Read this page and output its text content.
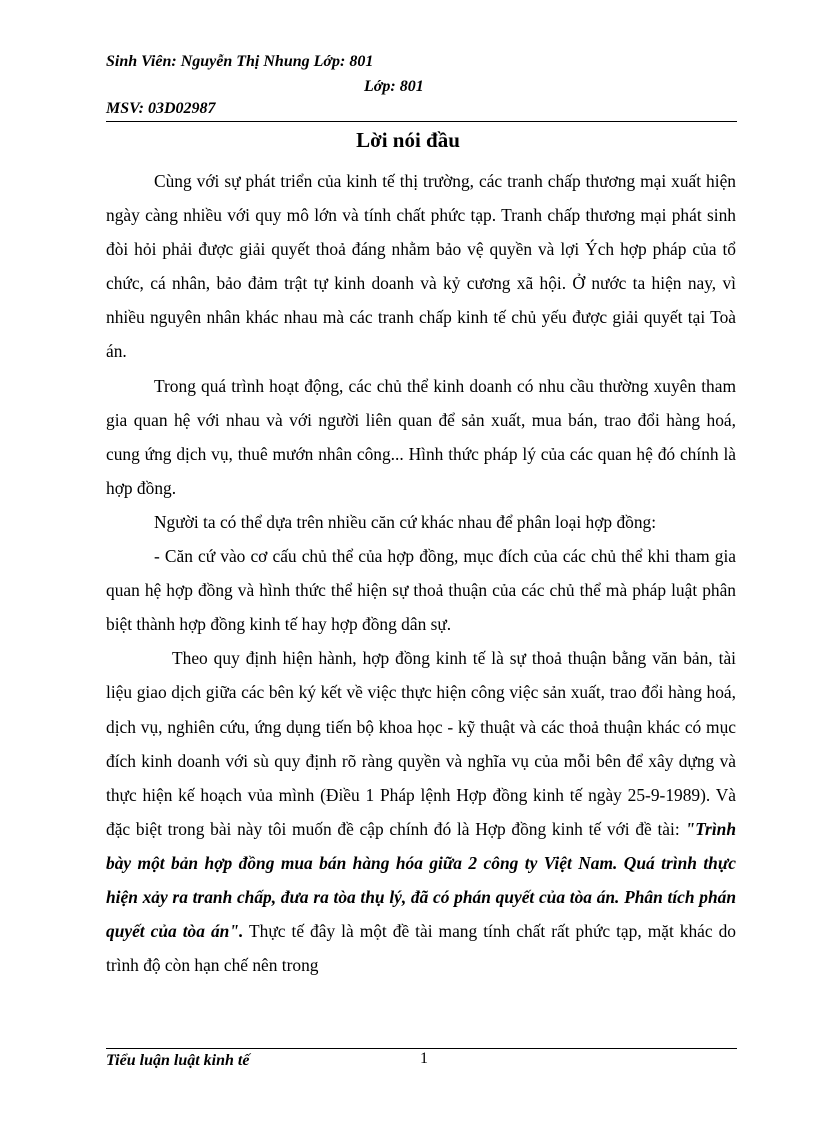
Sinh Viên: Nguyễn Thị Nhung Lớp: 801
Lớp: 801
MSV: 03D02987
Lời nói đầu

Cùng với sự phát triển của kinh tế thị trường, các tranh chấp thương mại xuất hiện ngày càng nhiều với quy mô lớn và tính chất phức tạp. Tranh chấp thương mại phát sinh đòi hỏi phải được giải quyết thoả đáng nhằm bảo vệ quyền và lợi Ých hợp pháp của tổ chức, cá nhân, bảo đảm trật tự kinh doanh và kỷ cương xã hội. Ở nước ta hiện nay, vì nhiều nguyên nhân khác nhau mà các tranh chấp kinh tế chủ yếu được giải quyết tại Toà án.

Trong quá trình hoạt động, các chủ thể kinh doanh có nhu cầu thường xuyên tham gia quan hệ với nhau và với người liên quan để sản xuất, mua bán, trao đổi hàng hoá, cung ứng dịch vụ, thuê mướn nhân công... Hình thức pháp lý của các quan hệ đó chính là hợp đồng.

Người ta có thể dựa trên nhiều căn cứ khác nhau để phân loại hợp đồng:

- Căn cứ vào cơ cấu chủ thể của hợp đồng, mục đích của các chủ thể khi tham gia quan hệ hợp đồng và hình thức thể hiện sự thoả thuận của các chủ thể mà pháp luật phân biệt thành hợp đồng kinh tế hay hợp đồng dân sự.

Theo quy định hiện hành, hợp đồng kinh tế là sự thoả thuận bằng văn bản, tài liệu giao dịch giữa các bên ký kết về việc thực hiện công việc sản xuất, trao đổi hàng hoá, dịch vụ, nghiên cứu, ứng dụng tiến bộ khoa học - kỹ thuật và các thoả thuận khác có mục đích kinh doanh với sù quy định rõ ràng quyền và nghĩa vụ của mỗi bên để xây dựng và thực hiện kế hoạch vủa mình (Điều 1 Pháp lệnh Hợp đồng kinh tế ngày 25-9-1989). Và đặc biệt trong bài này tôi muốn đề cập chính đó là Hợp đồng kinh tế với đề tài: "Trình bày một bản hợp đồng mua bán hàng hóa giữa 2 công ty Việt Nam. Quá trình thực hiện xảy ra tranh chấp, đưa ra tòa thụ lý, đã có phán quyết của tòa án. Phân tích phán quyết của tòa án". Thực tế đây là một đề tài mang tính chất rất phức tạp, mặt khác do trình độ còn hạn chế nên trong

Tiểu luận luật kinh tế	1
